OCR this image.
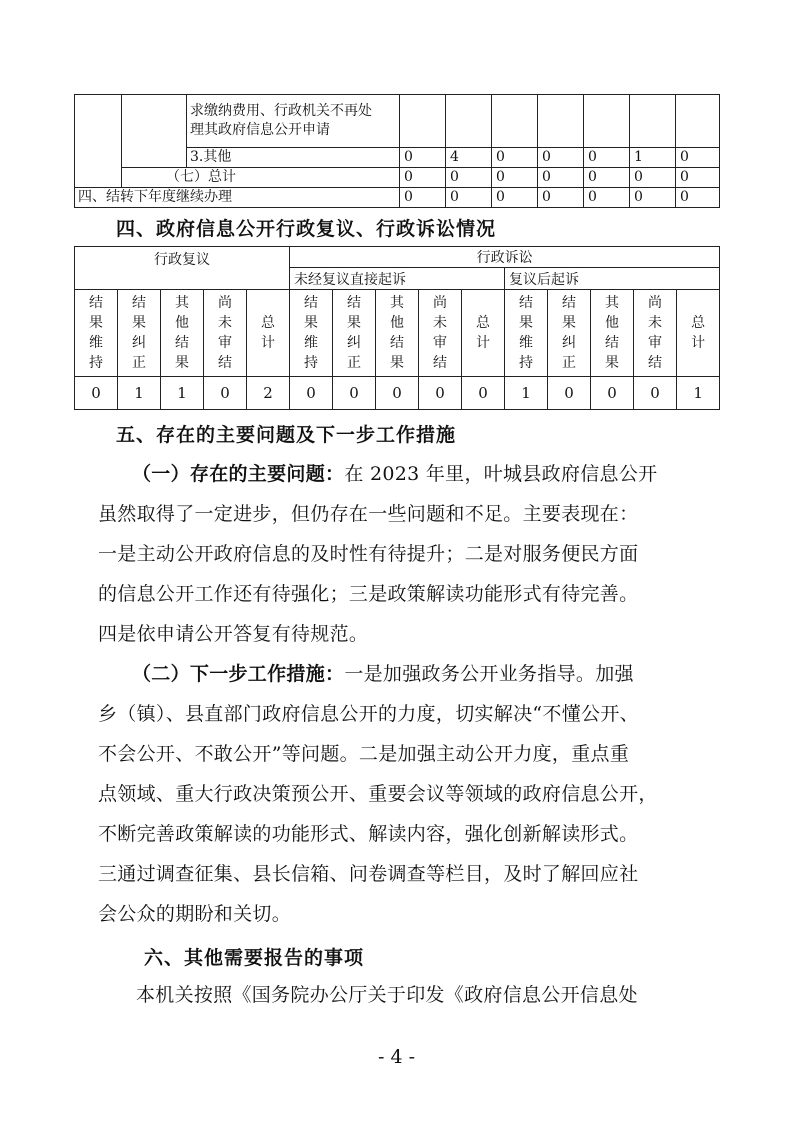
		求缴纳费用、行政机关不再处
理其政府信息公开申请							

		3.其他	0	4	0	0	0	1	0
	（七）总计		0	0	0	0	0	0	0
四、结转下年度继续办理			0	0	0	0	0	0	0
四、政府信息公开行政复议、行政诉讼情况
行政复议					行政诉讼									
					未经复议直接起诉					复议后起诉				
结果维持	结果纠正	其他结果	尚未审结	总计	结果维持	结果纠正	其他结果	尚未审结	总计	结果维持	结果纠正	其他结果	尚未审结	总计
0	1	1	0	2	0	0	0	0	0	1	0	0	0	1
五、存在的主要问题及下一步工作措施
（一）存在的主要问题：在 2023 年里，叶城县政府信息公开
虽然取得了一定进步，但仍存在一些问题和不足。主要表现在：
一是主动公开政府信息的及时性有待提升；二是对服务便民方面
的信息公开工作还有待强化；三是政策解读功能形式有待完善。
四是依申请公开答复有待规范。
（二）下一步工作措施：一是加强政务公开业务指导。加强
乡（镇）、县直部门政府信息公开的力度，切实解决“不懂公开、
不会公开、不敢公开”等问题。二是加强主动公开力度，重点重
点领域、重大行政决策预公开、重要会议等领域的政府信息公开，
不断完善政策解读的功能形式、解读内容，强化创新解读形式。
三通过调查征集、县长信箱、问卷调查等栏目，及时了解回应社
会公众的期盼和关切。
六、其他需要报告的事项
本机关按照《国务院办公厅关于印发《政府信息公开信息处
- 4 -
